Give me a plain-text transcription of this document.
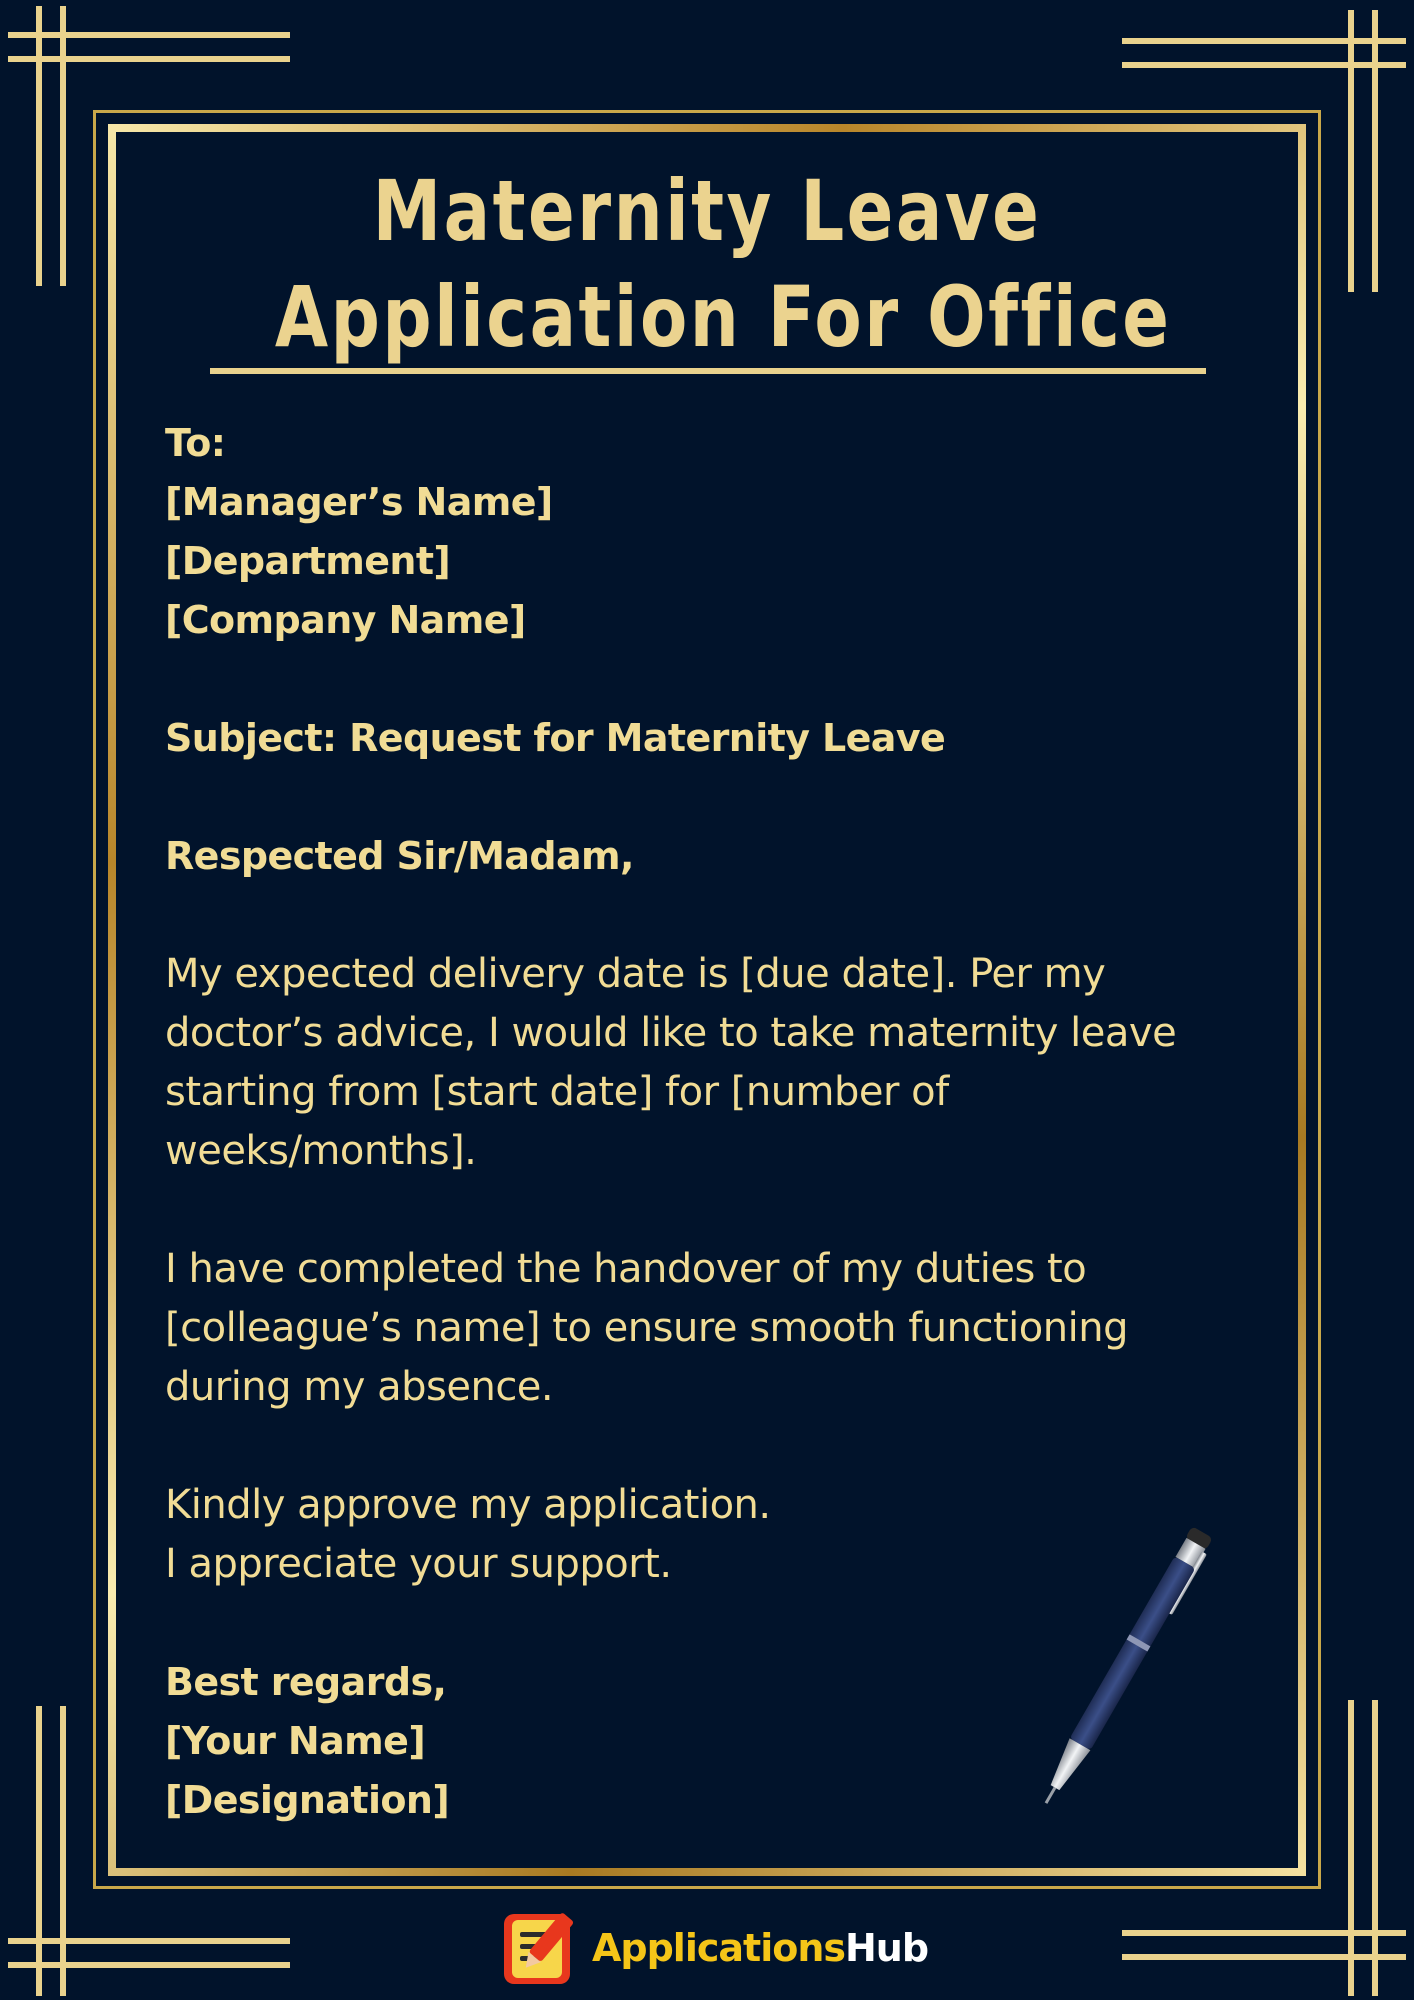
Maternity Leave
Application For Office
To:
[Manager’s Name]
[Department]
[Company Name]
Subject: Request for Maternity Leave
Respected Sir/Madam,
My expected delivery date is [due date]. Per my
doctor’s advice, I would like to take maternity leave
starting from [start date] for [number of
weeks/months].
I have completed the handover of my duties to
[colleague’s name] to ensure smooth functioning
during my absence.
Kindly approve my application.
I appreciate your support.
Best regards,
[Your Name]
[Designation]
ApplicationsHub
